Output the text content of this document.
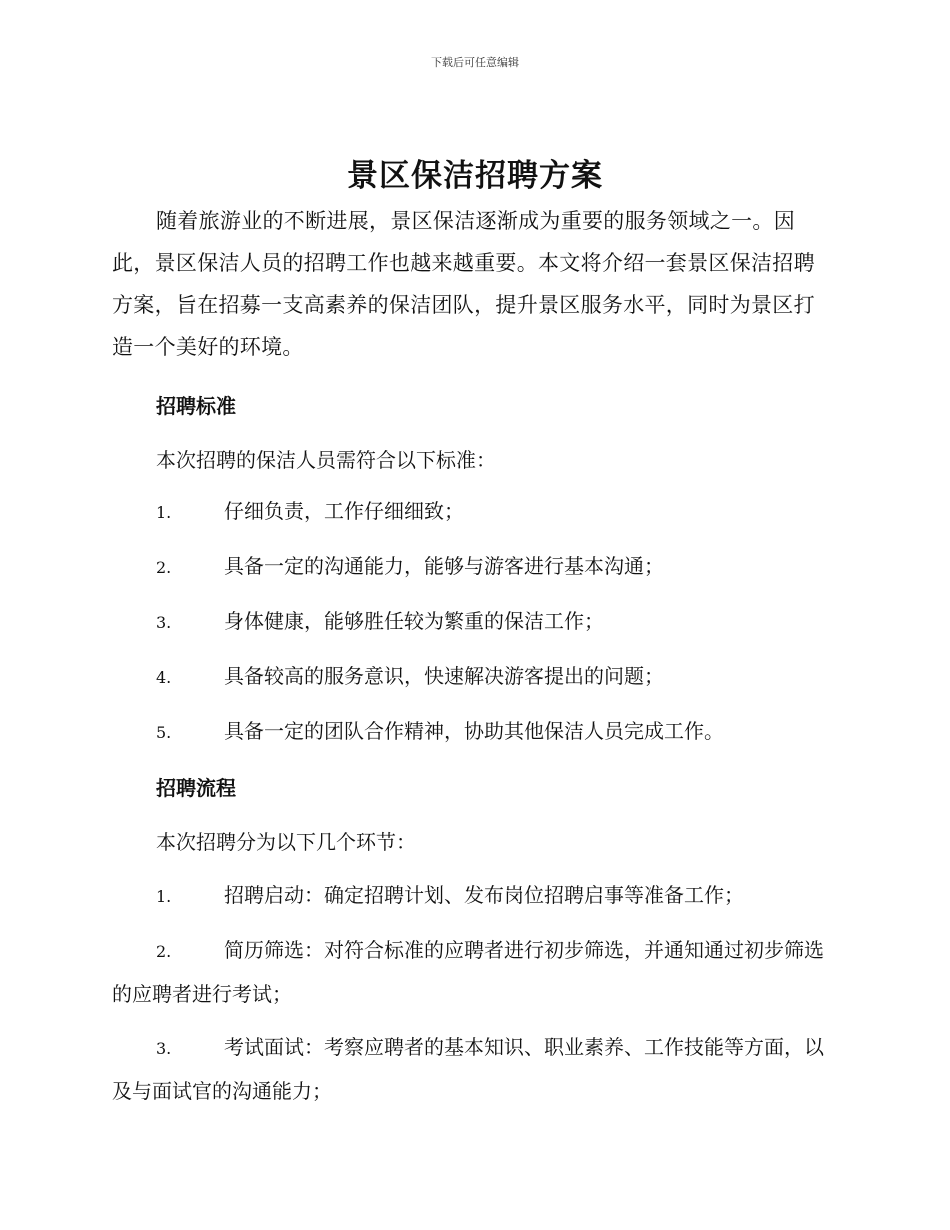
下载后可任意编辑
景区保洁招聘方案

随着旅游业的不断进展，景区保洁逐渐成为重要的服务领域之一。因此，景区保洁人员的招聘工作也越来越重要。本文将介绍一套景区保洁招聘方案，旨在招募一支高素养的保洁团队，提升景区服务水平，同时为景区打造一个美好的环境。

招聘标准

本次招聘的保洁人员需符合以下标准：

1.	仔细负责，工作仔细细致；

2.	具备一定的沟通能力，能够与游客进行基本沟通；

3.	身体健康，能够胜任较为繁重的保洁工作；

4.	具备较高的服务意识，快速解决游客提出的问题；

5.	具备一定的团队合作精神，协助其他保洁人员完成工作。

招聘流程

本次招聘分为以下几个环节：

1.	招聘启动：确定招聘计划、发布岗位招聘启事等准备工作；

2.	简历筛选：对符合标准的应聘者进行初步筛选，并通知通过初步筛选的应聘者进行考试；

3.	考试面试：考察应聘者的基本知识、职业素养、工作技能等方面，以及与面试官的沟通能力；
